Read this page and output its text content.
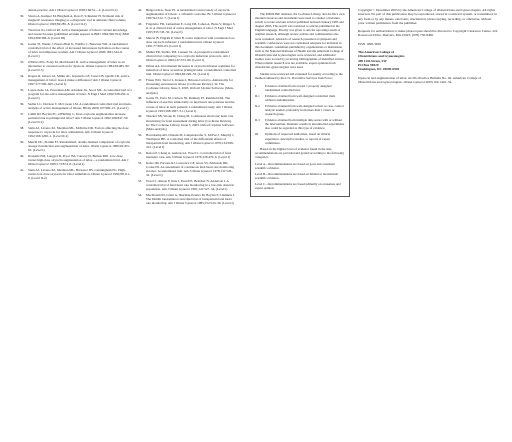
dation-practice. Am J Obstet Gynecol 1992;166:S1—4. (Level II-2)
30.	Sbarra A, Kemper M, Bingham A, Ross P, Schneider H. Perinatal risk of magnetic resonance imaging as a diagnostic tool in amniotic fluid volume. Obstet Gynecol 1993;82:285–8. (Level II-2)
31.	Thornton JG, Lilford RJ. Active management of labour: current knowledge and research issues [published erratum appears in BMJ 1994;309:704]. BMJ 1994;309:366–9. (Level III)
32.	Garite TJ, Weeks J, Peters-Phair K, Pattillo C, Brewster WR. A randomized controlled trial of the effect of increased intravenous hydration on the course of labor in nulliparous women. Am J Obstet Gynecol 2000;183:1544–8. (Level I)
33.	O'Driscoll K, Foley M, MacDonald D. Active management of labor as an alternative to cesarean section for dystocia. Obstet Gynecol 1984;63:485–90. (Level II-3)
34.	Rogers R, Gilson GJ, Miller AC, Izquierdo LE, Curet LB, Qualls CR. Active management of labor: does it make a difference? Am J Obstet Gynecol 1997;177:599–605. (Level I)
35.	Lopez-Zeno JA, Peaceman AM, Adashek JA, Socol ML. A controlled trial of a program for the active management of labor. N Engl J Med 1992;326:450–4. (Level I)
36.	Sadler LC, Davison T, McCowan LM. A randomised controlled trial and meta-analysis of active management of labour. BJOG 2000;107:909–15. (Level I)
37.	Cahill DJ, Boylan PC, O'Herlihy C. Does oxytocin augmentation increase perinatal risk in primigravid labor? Am J Obstet Gynecol 1992;166:847–50. (Level II-2)
38.	Satin AJ, Leveno KJ, Sherman ML, McIntire DD. Factors affecting the dose response to oxytocin for labor stimulation. Am J Obstet Gynecol 1992;166:1260–1. (Level II-2)
39.	Merrill DC, Zlatnik FJ. Randomized, double-masked comparison of oxytocin dosage in induction and augmentation of labor. Obstet Gynecol 1999;94:455–63. (Level I)
40.	Rouselle EM, Lengyel D, Pryor JM, Conway D, Berkus MD. Low-dose versus high-dose oxytocin augmentation of labor—a randomized trial. Am J Obstet Gynecol 1995;173:874–8. (Level I)
41.	Satin AJ, Leveno KJ, Sherman ML, Brewster DS, Cunningham FG. High- versus low-dose oxytocin for labor stimulation. Obstet Gynecol 1992;80:111–6. (Level II-2)
42.	Bidgood KA, Steer PJ. A randomized control study of oxytocin augmentation of labour. 1. Obstetric outcome. Br J Obstet Gynaecol 1987;94:512–7. (Level I)
43.	Frigoletto FD, Lieberman E, Lang JM, Cohen A, Barss V, Ringer S, et al. A clinical trial of active management of labor. N Engl J Med 1995;333:745–50. (Level I)
44.	Mercer B, Pilgrim P, Sibai B. Labor induction with continuous low-dose oxytocin infusion: a randomized trial. Obstet Gynecol 1991;77:659–63. (Level I)
45.	Muller PR, Stubbs TM, Laurent SL. A prospective randomized clinical trial comparing two oxytocin induction protocols. Am J Obstet Gynecol 1992;167:373–80. (Level I)
46.	Orhue AA. Incremental increases in oxytocin infusion regimens for induction of labor at term in primigravidas: a randomized controlled trial. Obstet Gynecol 1994;83:229–33. (Level I)
47.	Fraser WD, Turcot L, Krauss I, Brisson-Carrol G. Amniotomy for shortening spontaneous labour (Cochrane Review). In: The Cochrane Library, Issue 3, 2003. Oxford: Update Software. (Meta-analysis)
48.	Garite TJ, Porto M, Carlson NJ, Rumney PJ, Reimbold PA. The influence of elective amniotomy on fetal heart rate patterns and the course of labor in term patients: a randomized study. Am J Obstet Gynecol 1993;168:1827–31. (Level I)
49.	Thacker SB, Stroup D, Chang M. Continuous electronic heart rate monitoring for fetal assessment during labor (Cochrane Review). In: The Cochrane Library, Issue 3, 2003. Oxford: Update Software. (Meta-analysis)
50.	Haverkamp AD, Orleans M, Langendoerfer S, McFee J, Murphy J, Thompson HE. A controlled trial of the differential effects of intrapartum fetal monitoring. Am J Obstet Gynecol 1979;134:399–412. (Level I)
51.	Renou P, Chang A, Anderson I, Wood C. Controlled trial of fetal intensive care. Am J Obstet Gynecol 1976;126:470–6. (Level I)
52.	Kelso IM, Parsons RJ, Lawrence GF, Arora SS, Edmonds DK, Cooke ID. An assessment of continuous fetal heart rate monitoring in labor. A randomized trial. Am J Obstet Gynecol 1978;131:526–32. (Level I)
53.	Wood C, Renou P, Oats J, Farrell E, Beischer N, Anderson I. A controlled trial of fetal heart rate monitoring in a low-risk obstetric population. Am J Obstet Gynecol 1981;141:527–34. (Level I)
54.	MacDonald D, Grant A, Sheridan-Pereira M, Boylan P, Chalmers I. The Dublin randomized controlled trial of intrapartum fetal heart rate monitoring. Am J Obstet Gynecol 1985;152:524–39. (Level I)

The MEDLINE database, the Cochrane Library, and ACOG's own internal resources and documents were used to conduct a literature search to locate relevant articles published between January 1985 and August 2003. The search was restricted to articles published in the English language. Priority was given to articles reporting results of original research, although review articles and commentaries also were consulted. Abstracts of research presented at symposia and scientific conferences were not considered adequate for inclusion in this document. Guidelines published by organizations or institutions such as the National Institutes of Health and the American College of Obstetricians and Gynecologists were reviewed, and additional studies were located by reviewing bibliographies of identified articles. When reliable research was not available, expert opinions from obstetrician–gynecologists were used.

Studies were reviewed and evaluated for quality according to the method outlined by the U.S. Preventive Services Task Force:

I	Evidence obtained from at least 1 properly designed randomized controlled trial.
II-1	Evidence obtained from well-designed controlled trials without randomization.
II-2	Evidence obtained from well-designed cohort or case–control analytic studies, preferably from more than 1 center or research group.
II-3	Evidence obtained from multiple time series with or without the intervention. Dramatic results in uncontrolled experiments also could be regarded as this type of evidence.
III	Opinions of respected authorities, based on clinical experience, descriptive studies, or reports of expert committees.

Based on the highest level of evidence found in the data, recommendations are provided and graded according to the following categories:

Level A—Recommendations are based on good and consistent scientific evidence.
Level B—Recommendations are based on limited or inconsistent scientific evidence.
Level C—Recommendations are based primarily on consensus and expert opinion.

Copyright © December 2003 by the American College of Obstetricians and Gynecologists. All rights reserved. No part of this publication may be reproduced, stored in a retrieval system, or transmitted, in any form or by any means, electronic, mechanical, photocopying, recording, or otherwise, without prior written permission from the publisher.

Requests for authorization to make photocopies should be directed to Copyright Clearance Center, 222 Rosewood Drive, Danvers, MA 01923, (978) 750-8400.

ISSN 1099-3630

The American College of
Obstetricians and Gynecologists
409 12th Street, SW
PO Box 96920
Washington, DC 20090-6920

Dystocia and augmentation of labor. ACOG Practice Bulletin No. 49. American College of Obstetricians and Gynecologists. Obstet Gynecol 2003;102:1445–54.
